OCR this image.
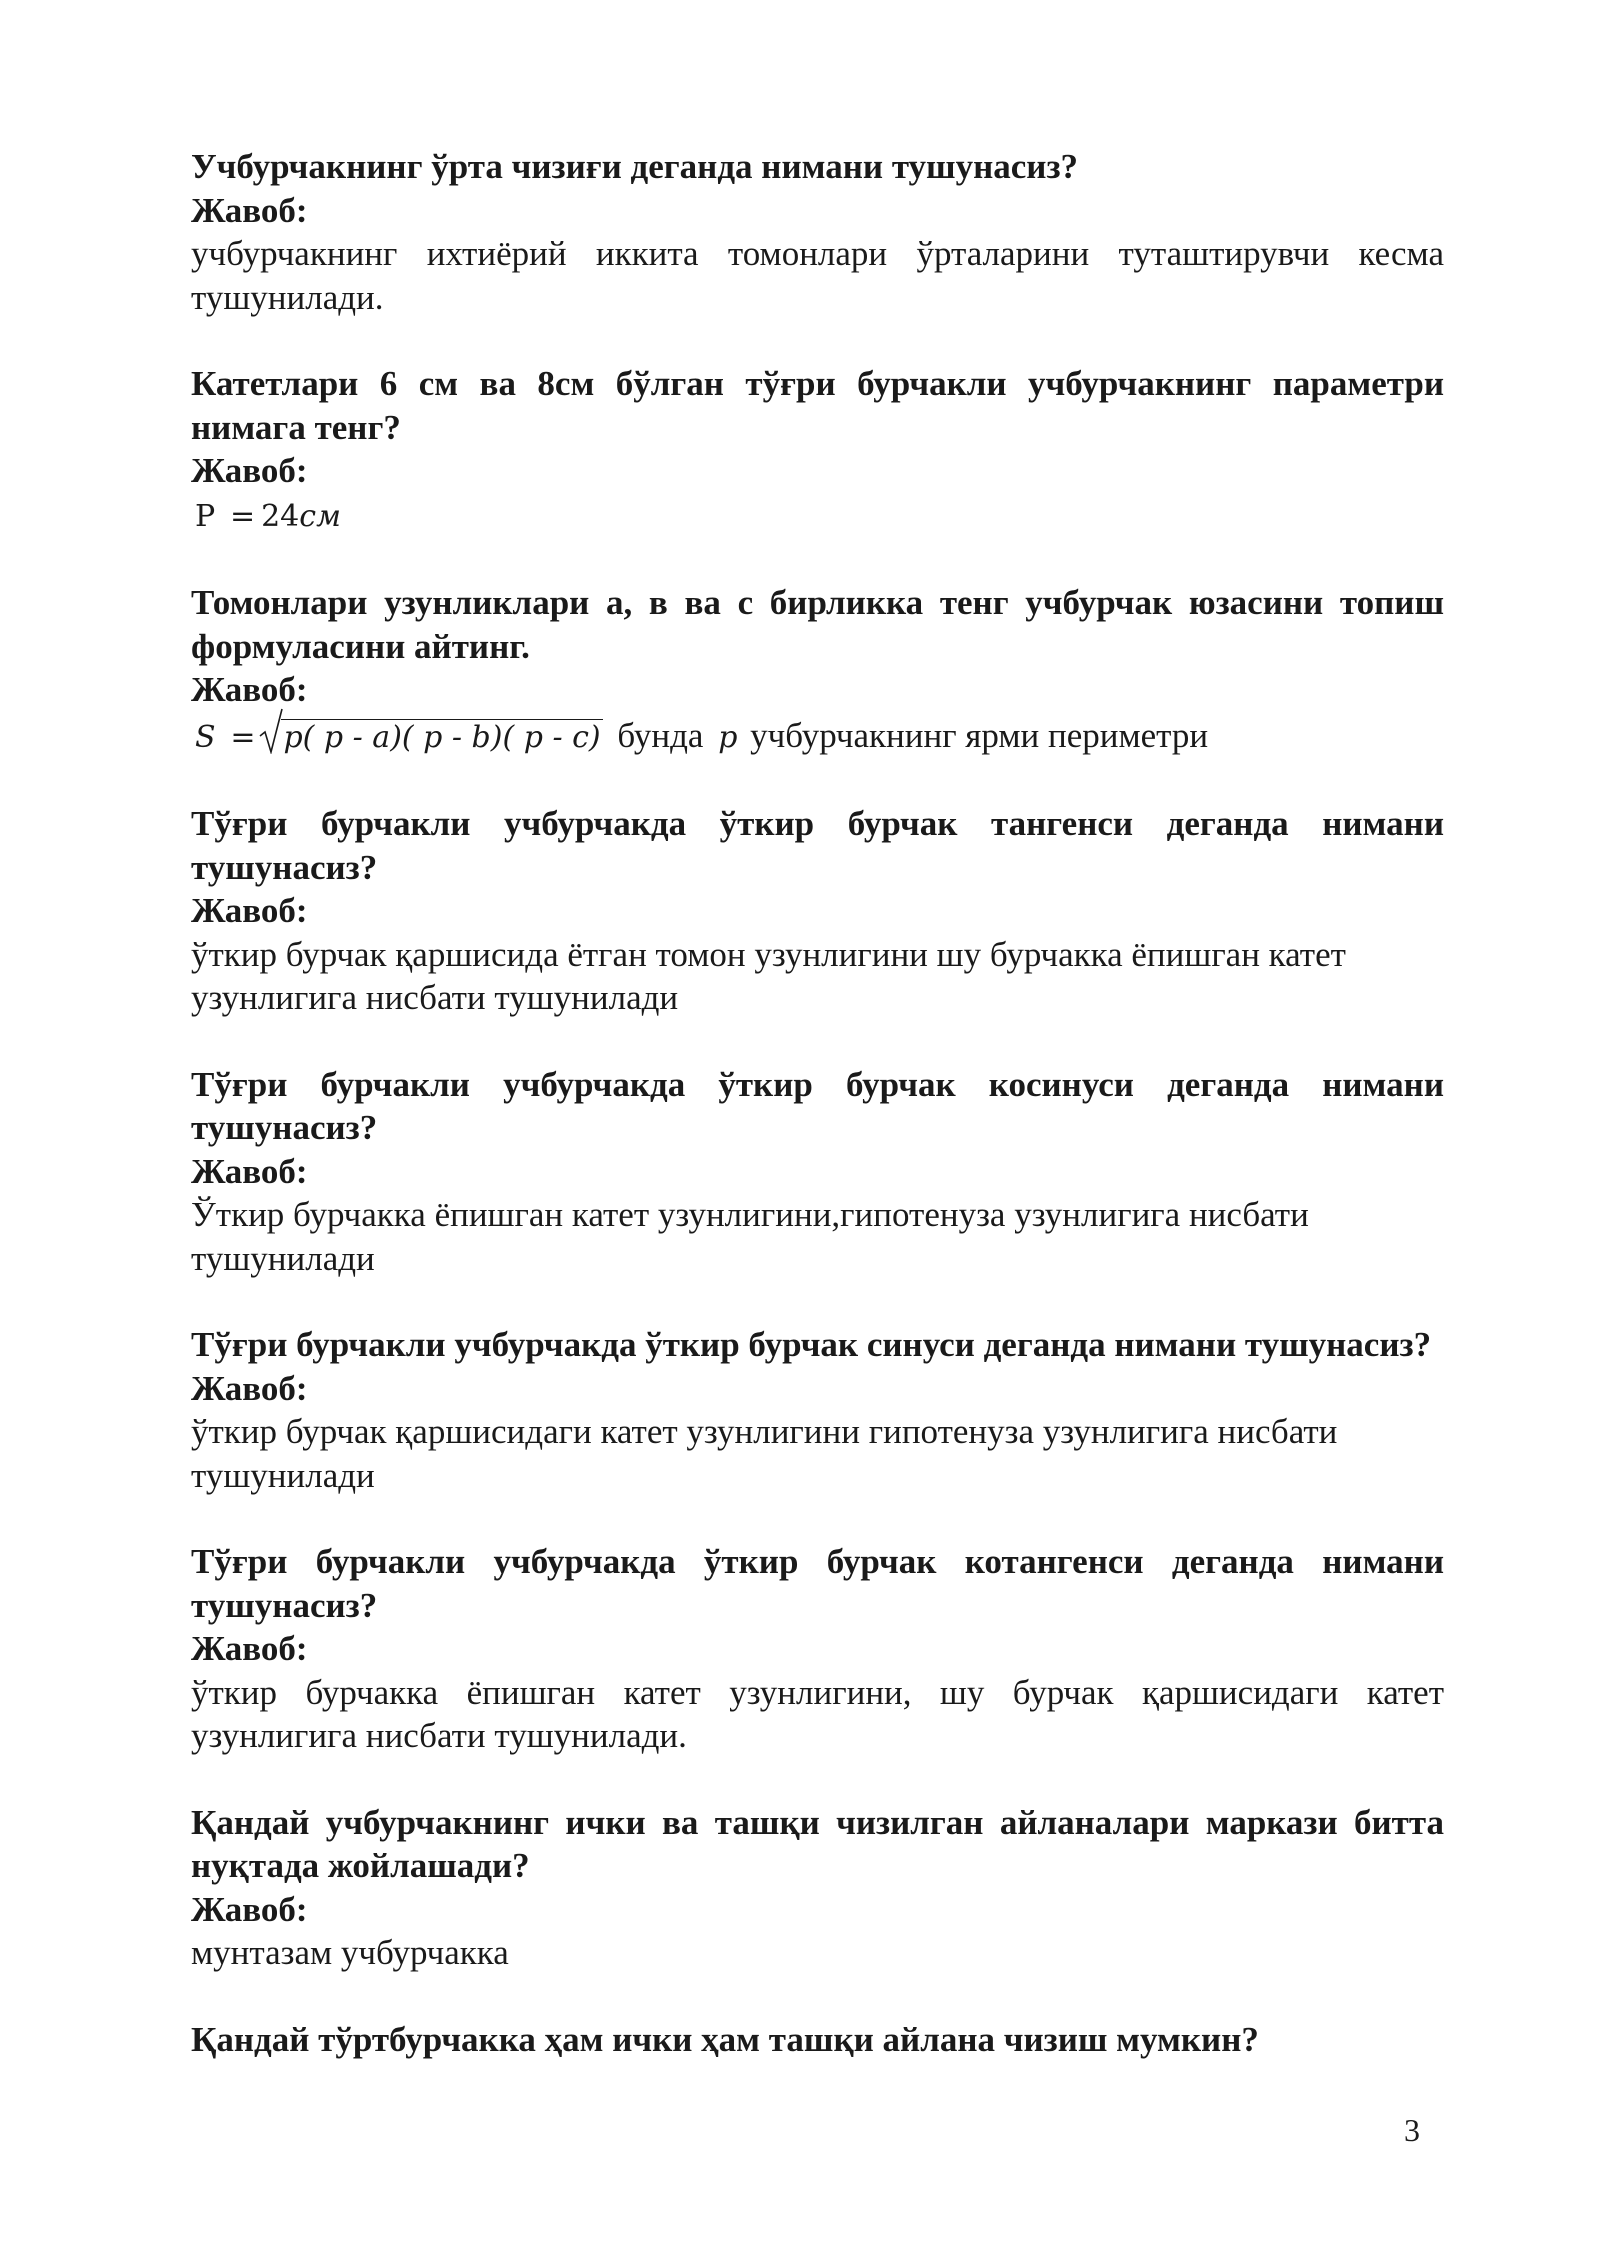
Учбурчакнинг ўрта чизиғи деганда нимани тушунасиз?

Жавоб:

учбурчакнинг ихтиёрий иккита томонлари ўрталарини туташтирувчи кесма тушунилади.

Катетлари 6 см ва 8см бўлган тўғри бурчакли учбурчакнинг параметри нимага тенг?

Жавоб:

P = 24см

Томонлари узунликлари a, в ва c бирликка тенг учбурчак юзасини топиш формуласини айтинг.

Жавоб:

S = p( p - a)( p - b)( p - c) бунда p учбурчакнинг ярми периметри

Тўғри бурчакли учбурчакда ўткир бурчак тангенси деганда нимани тушунасиз?

Жавоб:

ўткир бурчак қаршисида ётган томон узунлигини шу бурчакка ёпишган катет узунлигига нисбати тушунилади

Тўғри бурчакли учбурчакда ўткир бурчак косинуси деганда нимани тушунасиз?

Жавоб:

Ўткир бурчакка ёпишган катет узунлигини,гипотенуза узунлигига нисбати тушунилади

Тўғри бурчакли учбурчакда ўткир бурчак синуси деганда нимани тушунасиз?

Жавоб:

ўткир бурчак қаршисидаги катет узунлигини гипотенуза узунлигига нисбати тушунилади

Тўғри бурчакли учбурчакда ўткир бурчак котангенси деганда нимани тушунасиз?

Жавоб:

ўткир бурчакка ёпишган катет узунлигини, шу бурчак қаршисидаги катет узунлигига нисбати тушунилади.

Қандай учбурчакнинг ички ва ташқи чизилган айланалари маркази битта нуқтада жойлашади?

Жавоб:

мунтазам учбурчакка

Қандай тўртбурчакка ҳам ички ҳам ташқи айлана чизиш мумкин?

3
